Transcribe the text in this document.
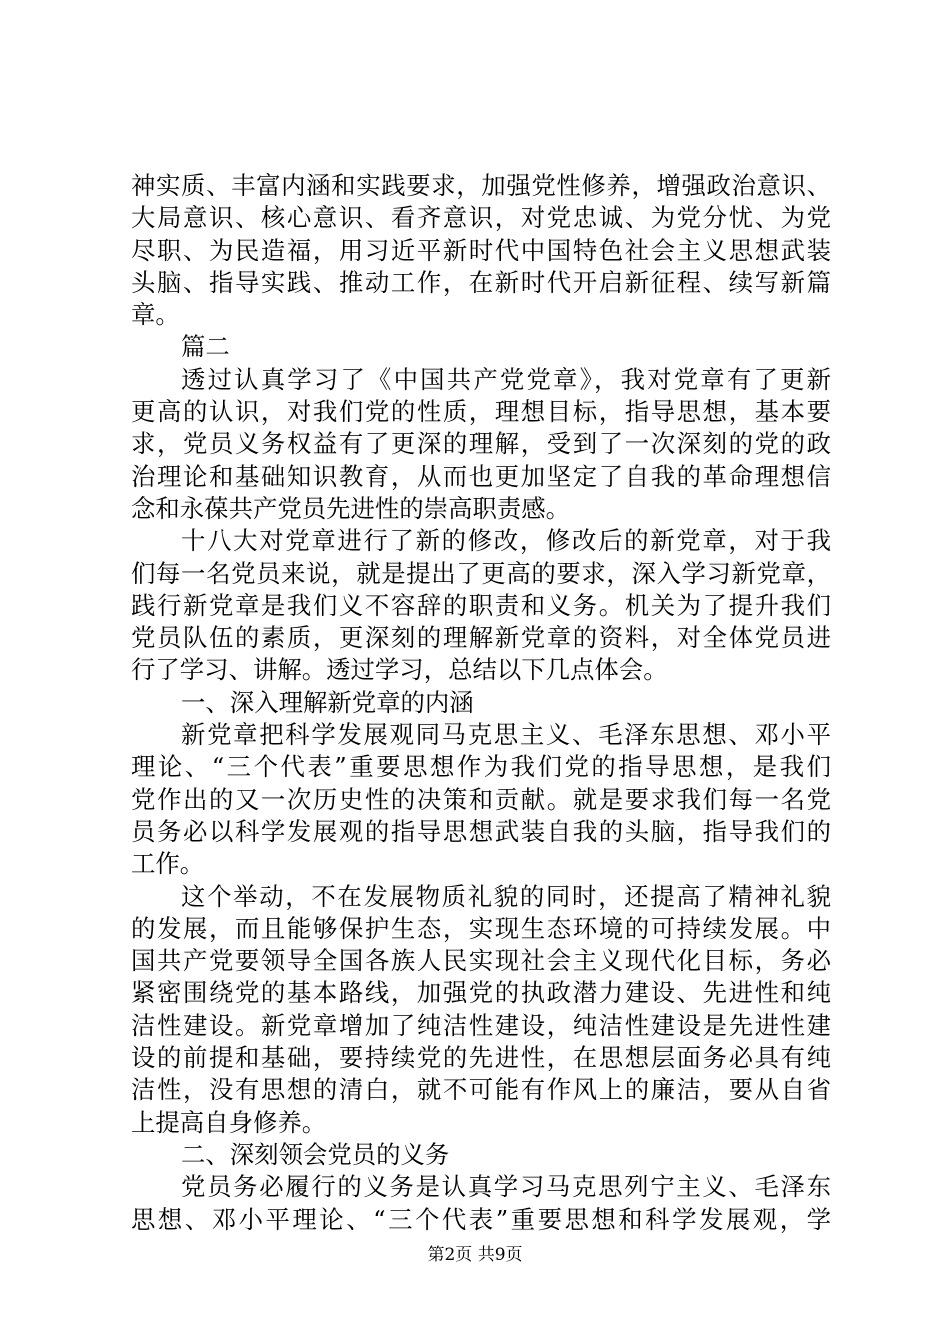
神实质、丰富内涵和实践要求，加强党性修养，增强政治意识、
大局意识、核心意识、看齐意识，对党忠诚、为党分忧、为党
尽职、为民造福，用习近平新时代中国特色社会主义思想武装
头脑、指导实践、推动工作，在新时代开启新征程、续写新篇
章。
篇二
透过认真学习了《中国共产党党章》，我对党章有了更新
更高的认识，对我们党的性质，理想目标，指导思想，基本要
求，党员义务权益有了更深的理解，受到了一次深刻的党的政
治理论和基础知识教育，从而也更加坚定了自我的革命理想信
念和永葆共产党员先进性的崇高职责感。
十八大对党章进行了新的修改，修改后的新党章，对于我
们每一名党员来说，就是提出了更高的要求，深入学习新党章，
践行新党章是我们义不容辞的职责和义务。机关为了提升我们
党员队伍的素质，更深刻的理解新党章的资料，对全体党员进
行了学习、讲解。透过学习，总结以下几点体会。
一、深入理解新党章的内涵
新党章把科学发展观同马克思主义、毛泽东思想、邓小平
理论、“三个代表”重要思想作为我们党的指导思想，是我们
党作出的又一次历史性的决策和贡献。就是要求我们每一名党
员务必以科学发展观的指导思想武装自我的头脑，指导我们的
工作。
这个举动，不在发展物质礼貌的同时，还提高了精神礼貌
的发展，而且能够保护生态，实现生态环境的可持续发展。中
国共产党要领导全国各族人民实现社会主义现代化目标，务必
紧密围绕党的基本路线，加强党的执政潜力建设、先进性和纯
洁性建设。新党章增加了纯洁性建设，纯洁性建设是先进性建
设的前提和基础，要持续党的先进性，在思想层面务必具有纯
洁性，没有思想的清白，就不可能有作风上的廉洁，要从自省
上提高自身修养。
二、深刻领会党员的义务
党员务必履行的义务是认真学习马克思列宁主义、毛泽东
思想、邓小平理论、“三个代表”重要思想和科学发展观，学
第2页 共9页
